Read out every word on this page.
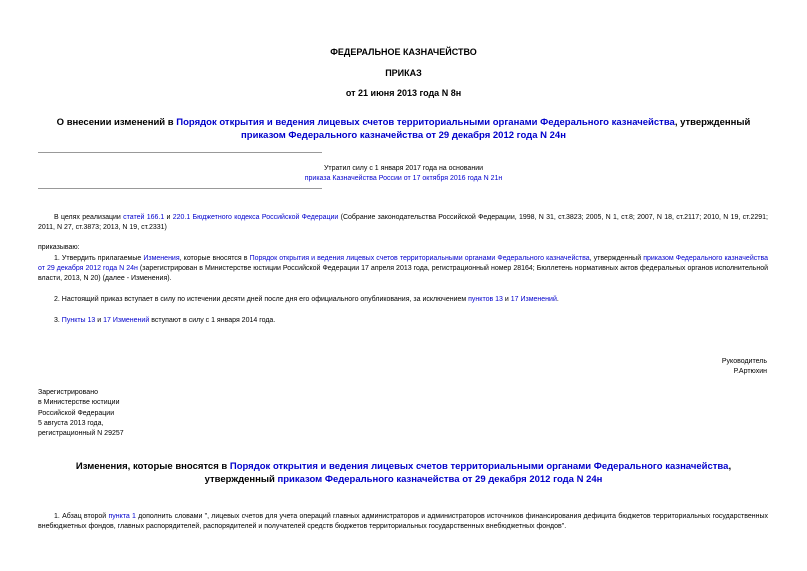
ФЕДЕРАЛЬНОЕ КАЗНАЧЕЙСТВО
ПРИКАЗ
от 21 июня 2013 года N 8н
О внесении изменений в Порядок открытия и ведения лицевых счетов территориальными органами Федерального казначейства, утвержденный приказом Федерального казначейства от 29 декабря 2012 года N 24н
Утратил силу с 1 января 2017 года на основании
приказа Казначейства России от 17 октября 2016 года N 21н
В целях реализации статей 166.1 и 220.1 Бюджетного кодекса Российской Федерации (Собрание законодательства Российской Федерации, 1998, N 31, ст.3823; 2005, N 1, ст.8; 2007, N 18, ст.2117; 2010, N 19, ст.2291; 2011, N 27, ст.3873; 2013, N 19, ст.2331)
приказываю:
1. Утвердить прилагаемые Изменения, которые вносятся в Порядок открытия и ведения лицевых счетов территориальными органами Федерального казначейства, утвержденный приказом Федерального казначейства от 29 декабря 2012 года N 24н (зарегистрирован в Министерстве юстиции Российской Федерации 17 апреля 2013 года, регистрационный номер 28164; Бюллетень нормативных актов федеральных органов исполнительной власти, 2013, N 20) (далее - Изменения).
2. Настоящий приказ вступает в силу по истечении десяти дней после дня его официального опубликования, за исключением пунктов 13 и 17 Изменений.
3. Пункты 13 и 17 Изменений вступают в силу с 1 января 2014 года.
Руководитель
Р.Артюхин
Зарегистрировано
в Министерстве юстиции
Российской Федерации
5 августа 2013 года,
регистрационный N 29257
Изменения, которые вносятся в Порядок открытия и ведения лицевых счетов территориальными органами Федерального казначейства, утвержденный приказом Федерального казначейства от 29 декабря 2012 года N 24н
1. Абзац второй пункта 1 дополнить словами ", лицевых счетов для учета операций главных администраторов и администраторов источников финансирования дефицита бюджетов территориальных государственных внебюджетных фондов, главных распорядителей, распорядителей и получателей средств бюджетов территориальных государственных внебюджетных фондов".
